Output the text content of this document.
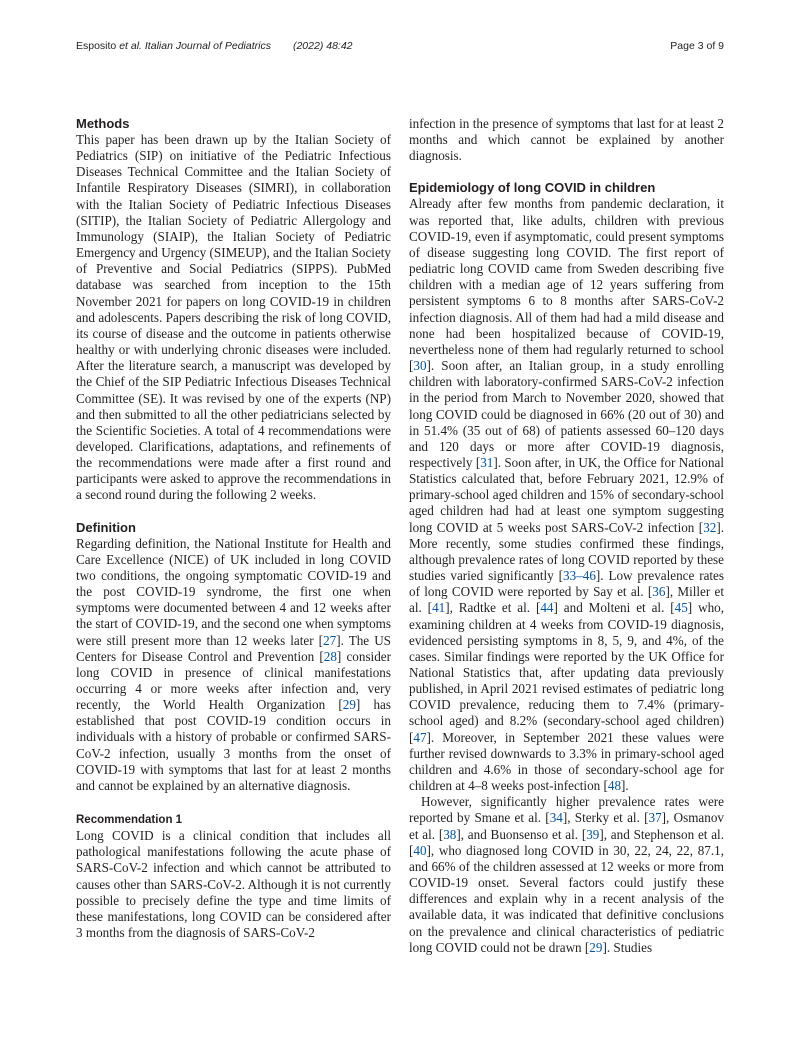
Esposito et al. Italian Journal of Pediatrics (2022) 48:42	Page 3 of 9
Methods

This paper has been drawn up by the Italian Society of Pediatrics (SIP) on initiative of the Pediatric Infectious Diseases Technical Committee and the Italian Society of Infantile Respiratory Diseases (SIMRI), in collaboration with the Italian Society of Pediatric Infectious Diseases (SITIP), the Italian Society of Pediatric Allergology and Immunology (SIAIP), the Italian Society of Pediatric Emergency and Urgency (SIMEUP), and the Italian Society of Preventive and Social Pediatrics (SIPPS). PubMed database was searched from inception to the 15th November 2021 for papers on long COVID-19 in children and adolescents. Papers describing the risk of long COVID, its course of disease and the outcome in patients otherwise healthy or with underlying chronic diseases were included. After the literature search, a manuscript was developed by the Chief of the SIP Pediatric Infectious Diseases Technical Committee (SE). It was revised by one of the experts (NP) and then submitted to all the other pediatricians selected by the Scientific Societies. A total of 4 recommendations were developed. Clarifications, adaptations, and refinements of the recommendations were made after a first round and participants were asked to approve the recommendations in a second round during the following 2 weeks.

Definition

Regarding definition, the National Institute for Health and Care Excellence (NICE) of UK included in long COVID two conditions, the ongoing symptomatic COVID-19 and the post COVID-19 syndrome, the first one when symptoms were documented between 4 and 12 weeks after the start of COVID-19, and the second one when symptoms were still present more than 12 weeks later [27]. The US Centers for Disease Control and Prevention [28] consider long COVID in presence of clinical manifestations occurring 4 or more weeks after infection and, very recently, the World Health Organization [29] has established that post COVID-19 condition occurs in individuals with a history of probable or confirmed SARS-CoV-2 infection, usually 3 months from the onset of COVID-19 with symptoms that last for at least 2 months and cannot be explained by an alternative diagnosis.

Recommendation 1

Long COVID is a clinical condition that includes all pathological manifestations following the acute phase of SARS-CoV-2 infection and which cannot be attributed to causes other than SARS-CoV-2. Although it is not currently possible to precisely define the type and time limits of these manifestations, long COVID can be considered after 3 months from the diagnosis of SARS-CoV-2

infection in the presence of symptoms that last for at least 2 months and which cannot be explained by another diagnosis.

Epidemiology of long COVID in children

Already after few months from pandemic declaration, it was reported that, like adults, children with previous COVID-19, even if asymptomatic, could present symptoms of disease suggesting long COVID. The first report of pediatric long COVID came from Sweden describing five children with a median age of 12 years suffering from persistent symptoms 6 to 8 months after SARS-CoV-2 infection diagnosis. All of them had had a mild disease and none had been hospitalized because of COVID-19, nevertheless none of them had regularly returned to school [30]. Soon after, an Italian group, in a study enrolling children with laboratory-confirmed SARS-CoV-2 infection in the period from March to November 2020, showed that long COVID could be diagnosed in 66% (20 out of 30) and in 51.4% (35 out of 68) of patients assessed 60–120 days and 120 days or more after COVID-19 diagnosis, respectively [31]. Soon after, in UK, the Office for National Statistics calculated that, before February 2021, 12.9% of primary-school aged children and 15% of secondary-school aged children had had at least one symptom suggesting long COVID at 5 weeks post SARS-CoV-2 infection [32]. More recently, some studies confirmed these findings, although prevalence rates of long COVID reported by these studies varied significantly [33–46]. Low prevalence rates of long COVID were reported by Say et al. [36], Miller et al. [41], Radtke et al. [44] and Molteni et al. [45] who, examining children at 4 weeks from COVID-19 diagnosis, evidenced persisting symptoms in 8, 5, 9, and 4%, of the cases. Similar findings were reported by the UK Office for National Statistics that, after updating data previously published, in April 2021 revised estimates of pediatric long COVID prevalence, reducing them to 7.4% (primary-school aged) and 8.2% (secondary-school aged children) [47]. Moreover, in September 2021 these values were further revised downwards to 3.3% in primary-school aged children and 4.6% in those of secondary-school age for children at 4–8 weeks post-infection [48].

However, significantly higher prevalence rates were reported by Smane et al. [34], Sterky et al. [37], Osmanov et al. [38], and Buonsenso et al. [39], and Stephenson et al. [40], who diagnosed long COVID in 30, 22, 24, 22, 87.1, and 66% of the children assessed at 12 weeks or more from COVID-19 onset. Several factors could justify these differences and explain why in a recent analysis of the available data, it was indicated that definitive conclusions on the prevalence and clinical characteristics of pediatric long COVID could not be drawn [29]. Studies
